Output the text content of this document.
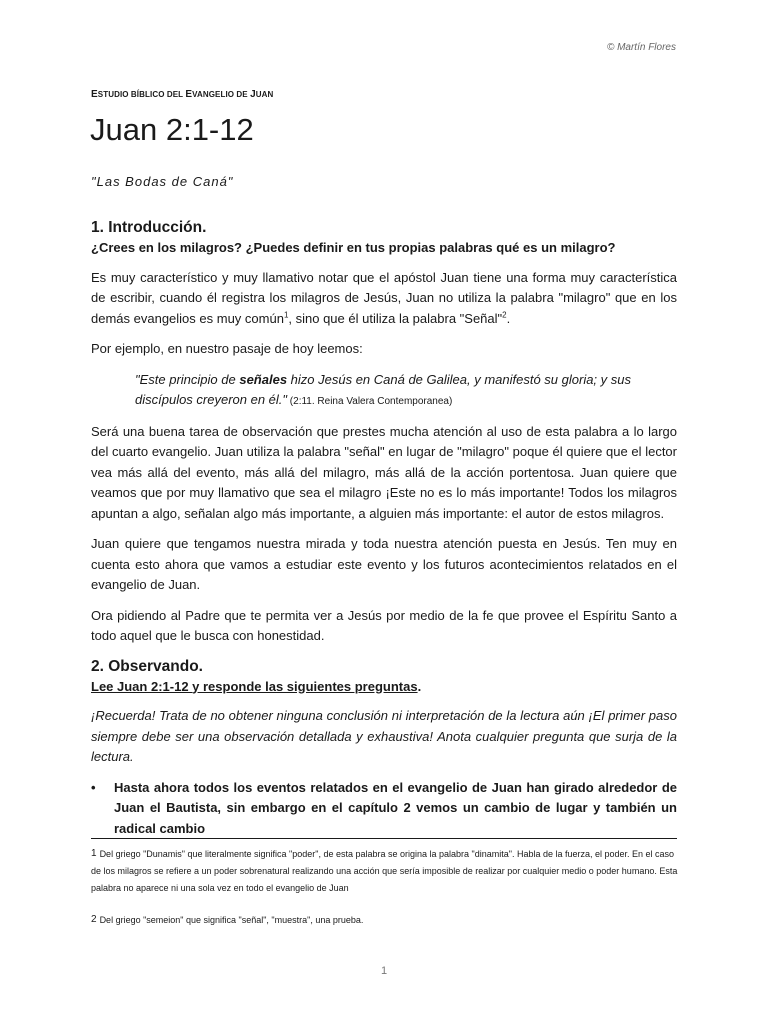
© Martín Flores
ESTUDIO BÍBLICO DEL EVANGELIO DE JUAN
Juan 2:1-12
"Las Bodas de Caná"
1. Introducción.

¿Crees en los milagros? ¿Puedes definir en tus propias palabras qué es un milagro?

Es muy característico y muy llamativo notar que el apóstol Juan tiene una forma muy característica de escribir, cuando él registra los milagros de Jesús, Juan no utiliza la palabra "milagro" que en los demás evangelios es muy común$^1$, sino que él utiliza la palabra "Señal"$^2$.

Por ejemplo, en nuestro pasaje de hoy leemos:

"Este principio de señales hizo Jesús en Caná de Galilea, y manifestó su gloria; y sus discípulos creyeron en él." (2:11. Reina Valera Contemporanea)

Será una buena tarea de observación que prestes mucha atención al uso de esta palabra a lo largo del cuarto evangelio. Juan utiliza la palabra "señal" en lugar de "milagro" poque él quiere que el lector vea más allá del evento, más allá del milagro, más allá de la acción portentosa. Juan quiere que veamos que por muy llamativo que sea el milagro ¡Este no es lo más importante! Todos los milagros apuntan a algo, señalan algo más importante, a alguien más importante: el autor de estos milagros.

Juan quiere que tengamos nuestra mirada y toda nuestra atención puesta en Jesús. Ten muy en cuenta esto ahora que vamos a estudiar este evento y los futuros acontecimientos relatados en el evangelio de Juan.

Ora pidiendo al Padre que te permita ver a Jesús por medio de la fe que provee el Espíritu Santo a todo aquel que le busca con honestidad.

2. Observando.

Lee Juan 2:1-12 y responde las siguientes preguntas.

¡Recuerda! Trata de no obtener ninguna conclusión ni interpretación de la lectura aún ¡El primer paso siempre debe ser una observación detallada y exhaustiva! Anota cualquier pregunta que surja de la lectura.

• Hasta ahora todos los eventos relatados en el evangelio de Juan han girado alrededor de Juan el Bautista, sin embargo en el capítulo 2 vemos un cambio de lugar y también un radical cambio

1 Del griego "Dunamis" que literalmente significa "poder", de esta palabra se origina la palabra "dinamita". Habla de la fuerza, el poder. En el caso de los milagros se refiere a un poder sobrenatural realizando una acción que sería imposible de realizar por cualquier medio o poder humano. Esta palabra no aparece ni una sola vez en todo el evangelio de Juan

2 Del griego "semeion" que significa "señal", "muestra", una prueba.

1
